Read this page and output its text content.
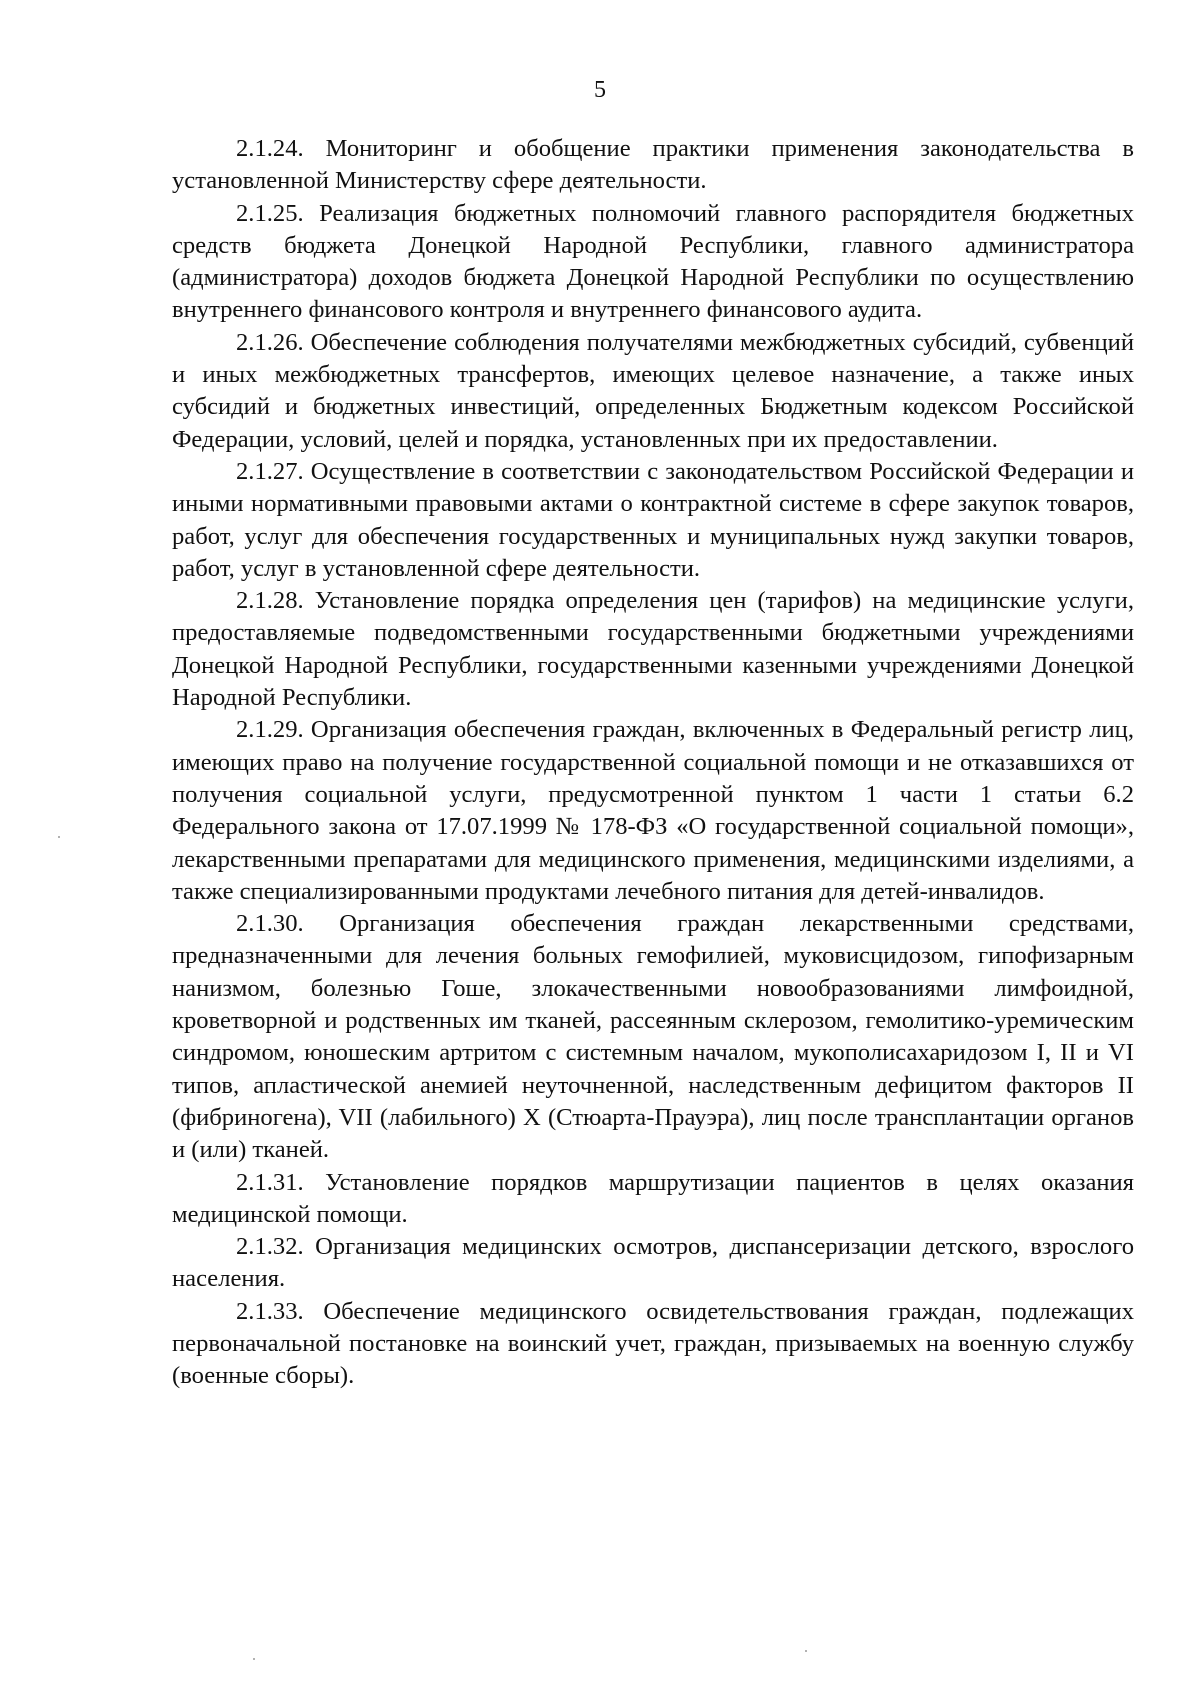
5

2.1.24. Мониторинг и обобщение практики применения законодательства в установленной Министерству сфере деятельности.

2.1.25. Реализация бюджетных полномочий главного распорядителя бюджетных средств бюджета Донецкой Народной Республики, главного администратора (администратора) доходов бюджета Донецкой Народной Республики по осуществлению внутреннего финансового контроля и внутреннего финансового аудита.

2.1.26. Обеспечение соблюдения получателями межбюджетных субсидий, субвенций и иных межбюджетных трансфертов, имеющих целевое назначение, а также иных субсидий и бюджетных инвестиций, определенных Бюджетным кодексом Российской Федерации, условий, целей и порядка, установленных при их предоставлении.

2.1.27. Осуществление в соответствии с законодательством Российской Федерации и иными нормативными правовыми актами о контрактной системе в сфере закупок товаров, работ, услуг для обеспечения государственных и муниципальных нужд закупки товаров, работ, услуг в установленной сфере деятельности.

2.1.28. Установление порядка определения цен (тарифов) на медицинские услуги, предоставляемые подведомственными государственными бюджетными учреждениями Донецкой Народной Республики, государственными казенными учреждениями Донецкой Народной Республики.

2.1.29. Организация обеспечения граждан, включенных в Федеральный регистр лиц, имеющих право на получение государственной социальной помощи и не отказавшихся от получения социальной услуги, предусмотренной пунктом 1 части 1 статьи 6.2 Федерального закона от 17.07.1999 № 178-ФЗ «О государственной социальной помощи», лекарственными препаратами для медицинского применения, медицинскими изделиями, а также специализированными продуктами лечебного питания для детей-инвалидов.

2.1.30. Организация обеспечения граждан лекарственными средствами, предназначенными для лечения больных гемофилией, муковисцидозом, гипофизарным нанизмом, болезнью Гоше, злокачественными новообразованиями лимфоидной, кроветворной и родственных им тканей, рассеянным склерозом, гемолитико-уремическим синдромом, юношеским артритом с системным началом, мукополисахаридозом I, II и VI типов, апластической анемией неуточненной, наследственным дефицитом факторов II (фибриногена), VII (лабильного) X (Стюарта-Прауэра), лиц после трансплантации органов и (или) тканей.

2.1.31. Установление порядков маршрутизации пациентов в целях оказания медицинской помощи.

2.1.32. Организация медицинских осмотров, диспансеризации детского, взрослого населения.

2.1.33. Обеспечение медицинского освидетельствования граждан, подлежащих первоначальной постановке на воинский учет, граждан, призываемых на военную службу (военные сборы).
